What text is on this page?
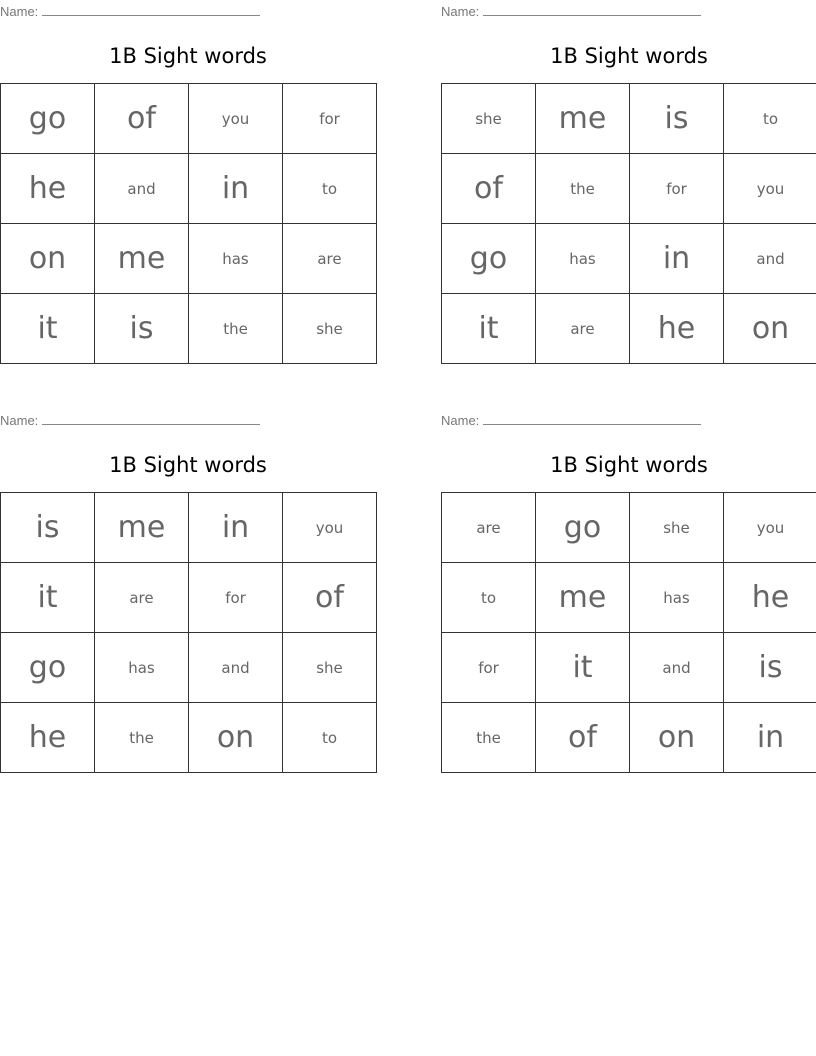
Name:
1B Sight words
go	of	you	for
he	and	in	to
on	me	has	are
it	is	the	she
Name:
1B Sight words
she	me	is	to
of	the	for	you
go	has	in	and
it	are	he	on
Name:
1B Sight words
is	me	in	you
it	are	for	of
go	has	and	she
he	the	on	to
Name:
1B Sight words
are	go	she	you
to	me	has	he
for	it	and	is
the	of	on	in
